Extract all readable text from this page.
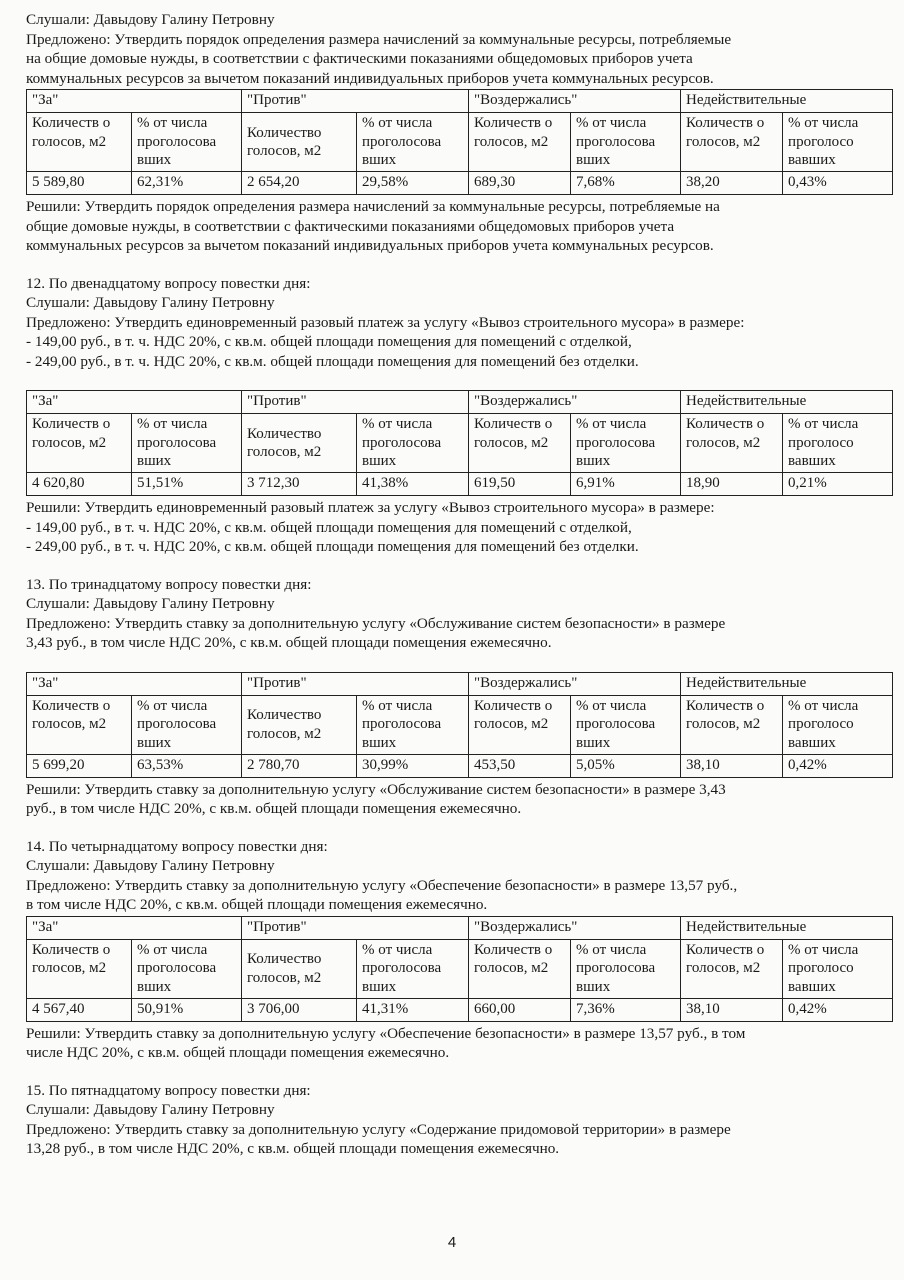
Слушали: Давыдову Галину Петровну

Предложено: Утвердить порядок определения размера начислений за коммунальные ресурсы, потребляемые

на общие домовые нужды, в соответствии с фактическими показаниями общедомовых приборов учета

коммунальных ресурсов за вычетом показаний индивидуальных приборов учета коммунальных ресурсов.

"За"		"Против"		"Воздержались"		Недействительные	
Количеств о голосов, м2	% от числа проголосова вших	Количество голосов, м2	% от числа проголосова вших	Количеств о голосов, м2	% от числа проголосова вших	Количеств о голосов, м2	% от числа проголосо вавших
5 589,80	62,31%	2 654,20	29,58%	689,30	7,68%	38,20	0,43%

Решили: Утвердить порядок определения размера начислений за коммунальные ресурсы, потребляемые на

общие домовые нужды, в соответствии с фактическими показаниями общедомовых приборов учета

коммунальных ресурсов за вычетом показаний индивидуальных приборов учета коммунальных ресурсов.

12. По двенадцатому вопросу повестки дня:

Слушали: Давыдову Галину Петровну

Предложено: Утвердить единовременный разовый платеж за услугу «Вывоз строительного мусора» в размере:

- 149,00 руб., в т. ч. НДС 20%, с кв.м. общей площади помещения для помещений с отделкой,

- 249,00 руб., в т. ч. НДС 20%, с кв.м. общей площади помещения для помещений без отделки.

"За"		"Против"		"Воздержались"		Недействительные	
Количеств о голосов, м2	% от числа проголосова вших	Количество голосов, м2	% от числа проголосова вших	Количеств о голосов, м2	% от числа проголосова вших	Количеств о голосов, м2	% от числа проголосо вавших
4 620,80	51,51%	3 712,30	41,38%	619,50	6,91%	18,90	0,21%

Решили: Утвердить единовременный разовый платеж за услугу «Вывоз строительного мусора» в размере:

- 149,00 руб., в т. ч. НДС 20%, с кв.м. общей площади помещения для помещений с отделкой,

- 249,00 руб., в т. ч. НДС 20%, с кв.м. общей площади помещения для помещений без отделки.

13. По тринадцатому вопросу повестки дня:

Слушали: Давыдову Галину Петровну

Предложено: Утвердить ставку за дополнительную услугу «Обслуживание систем безопасности» в размере

3,43 руб., в том числе НДС 20%, с кв.м. общей площади помещения ежемесячно.

"За"		"Против"		"Воздержались"		Недействительные	
Количеств о голосов, м2	% от числа проголосова вших	Количество голосов, м2	% от числа проголосова вших	Количеств о голосов, м2	% от числа проголосова вших	Количеств о голосов, м2	% от числа проголосо вавших
5 699,20	63,53%	2 780,70	30,99%	453,50	5,05%	38,10	0,42%

Решили: Утвердить ставку за дополнительную услугу «Обслуживание систем безопасности» в размере 3,43

руб., в том числе НДС 20%, с кв.м. общей площади помещения ежемесячно.

14. По четырнадцатому вопросу повестки дня:

Слушали: Давыдову Галину Петровну

Предложено: Утвердить ставку за дополнительную услугу «Обеспечение безопасности» в размере 13,57 руб.,

в том числе НДС 20%, с кв.м. общей площади помещения ежемесячно.

"За"		"Против"		"Воздержались"		Недействительные	
Количеств о голосов, м2	% от числа проголосова вших	Количество голосов, м2	% от числа проголосова вших	Количеств о голосов, м2	% от числа проголосова вших	Количеств о голосов, м2	% от числа проголосо вавших
4 567,40	50,91%	3 706,00	41,31%	660,00	7,36%	38,10	0,42%

Решили: Утвердить ставку за дополнительную услугу «Обеспечение безопасности» в размере 13,57 руб., в том

числе НДС 20%, с кв.м. общей площади помещения ежемесячно.

15. По пятнадцатому вопросу повестки дня:

Слушали: Давыдову Галину Петровну

Предложено: Утвердить ставку за дополнительную услугу «Содержание придомовой территории» в размере

13,28 руб., в том числе НДС 20%, с кв.м. общей площади помещения ежемесячно.

4
